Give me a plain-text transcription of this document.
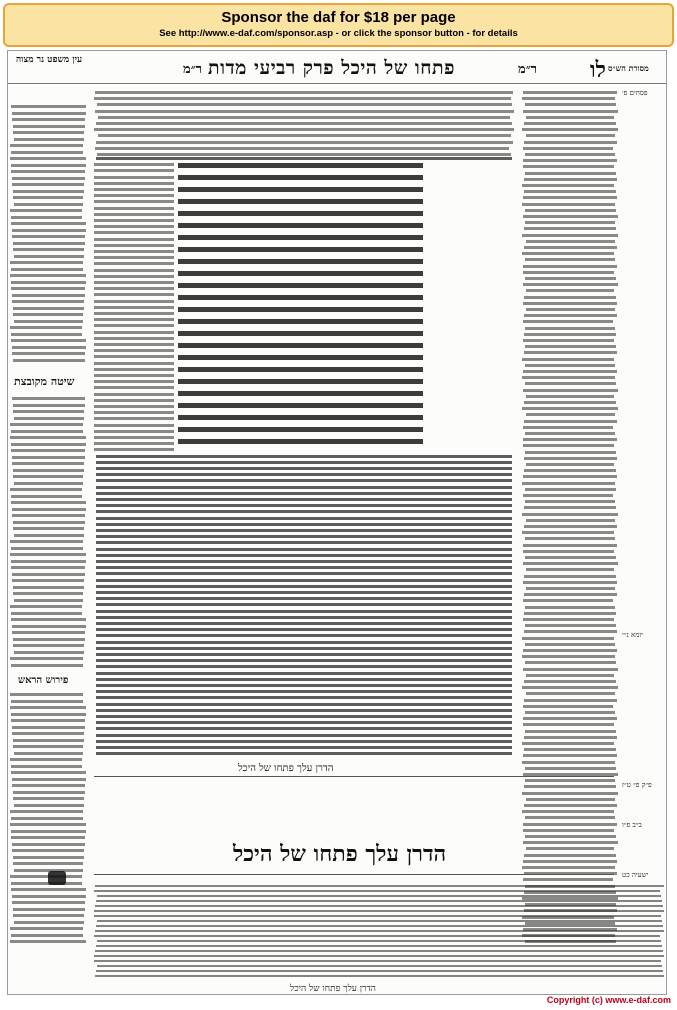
Sponsor the daf for $18 per page
See http://www.e-daf.com/sponsor.asp - or click the sponsor button - for details
עין משפט נר מצוה
ר״מ פתחו של היכל פרק רביעי מדות	ר״מ לו מסורת הש״ס
שיטה מקובצת
פירוש הראש
פסחים פ׳
יומא נ״י
פ״ק פ״ ט״ז
ב״ב פ״ו
ישעיה כט
הדרן עלך פתחו של היכל
הדרן עלך פתחו של היכל
הדרן עלך פתחו של היכל
Copyright (c) www.e-daf.com
